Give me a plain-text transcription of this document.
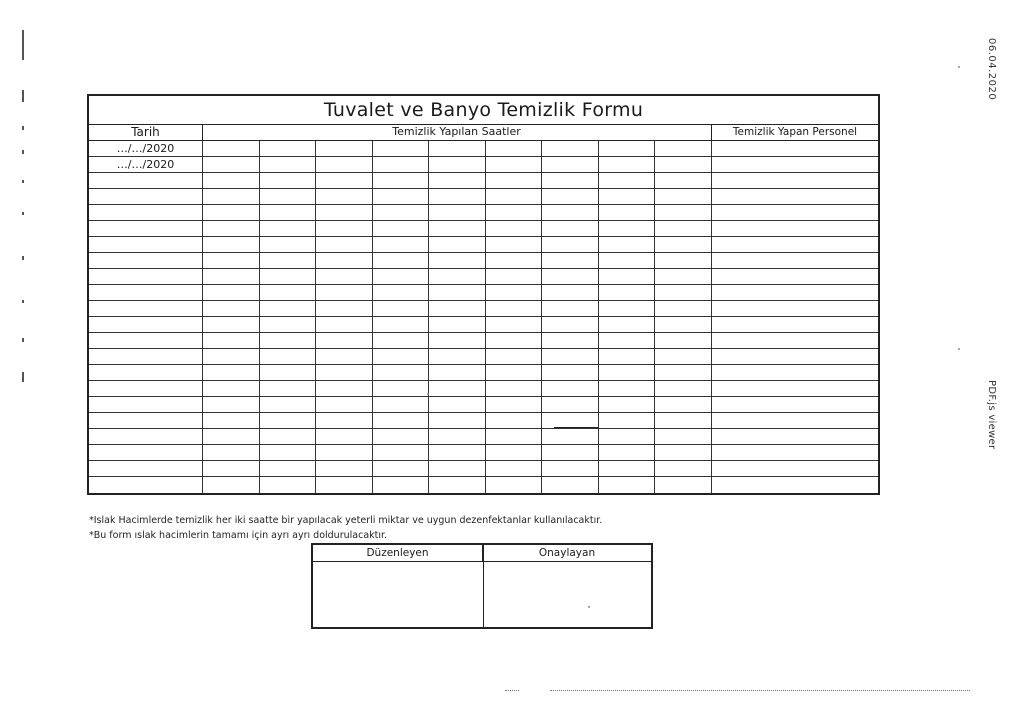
06.04.2020
PDF.js viewer
Tuvalet ve Banyo Temizlik Formu
Tarih	Temizlik Yapılan Saatler	Temizlik Yapan Personel
…/…/2020
…/…/2020
*Islak Hacimlerde temizlik her iki saatte bir yapılacak yeterli miktar ve uygun dezenfektanlar kullanılacaktır.
*Bu form ıslak hacimlerin tamamı için ayrı ayrı doldurulacaktır.
Düzenleyen	Onaylayan
